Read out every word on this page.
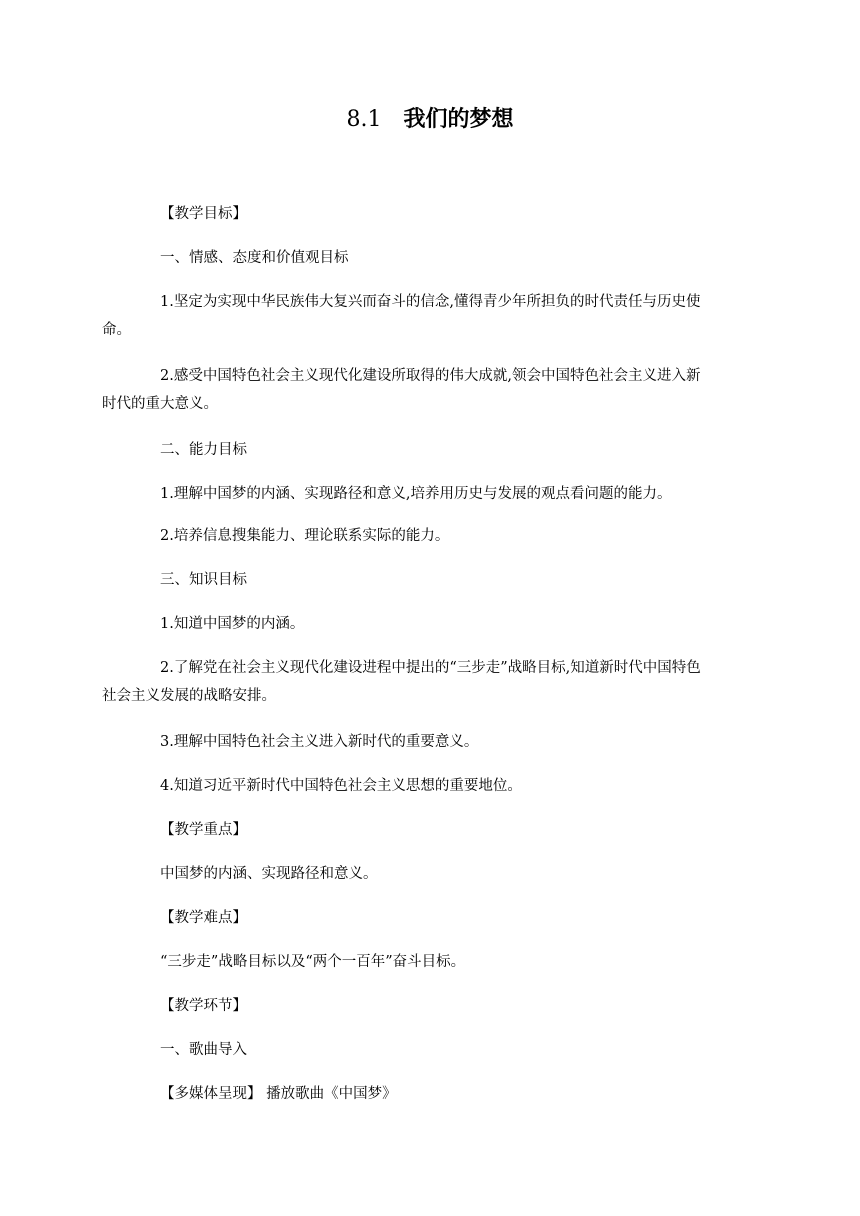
8.1 我们的梦想
【教学目标】
一、情感、态度和价值观目标
1.坚定为实现中华民族伟大复兴而奋斗的信念,懂得青少年所担负的时代责任与历史使
命。
2.感受中国特色社会主义现代化建设所取得的伟大成就,领会中国特色社会主义进入新
时代的重大意义。
二、能力目标
1.理解中国梦的内涵、实现路径和意义,培养用历史与发展的观点看问题的能力。
2.培养信息搜集能力、理论联系实际的能力。
三、知识目标
1.知道中国梦的内涵。
2.了解党在社会主义现代化建设进程中提出的“三步走”战略目标,知道新时代中国特色
社会主义发展的战略安排。
3.理解中国特色社会主义进入新时代的重要意义。
4.知道习近平新时代中国特色社会主义思想的重要地位。
【教学重点】
中国梦的内涵、实现路径和意义。
【教学难点】
“三步走”战略目标以及“两个一百年”奋斗目标。
【教学环节】
一、歌曲导入
【多媒体呈现】 播放歌曲《中国梦》
